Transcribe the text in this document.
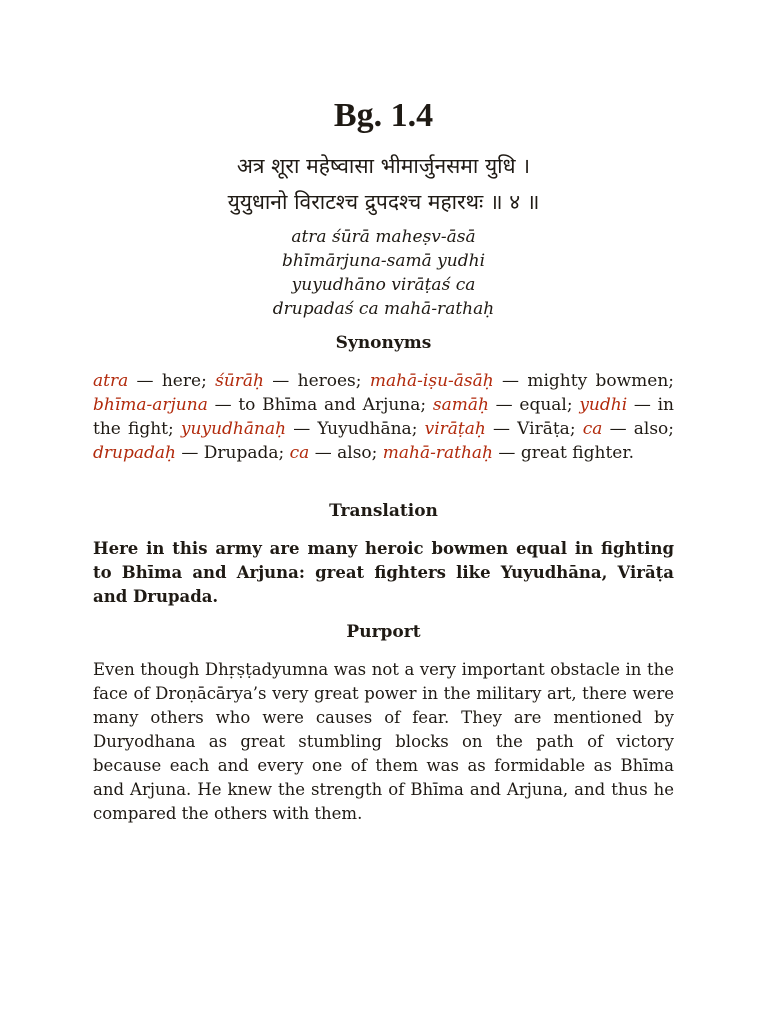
Bg. 1.4
अत्र शूरा महेष्वासा भीमार्जुनसमा युधि ।
युयुधानो विराटश्च द्रुपदश्च महारथः ॥ ४ ॥
atra śūrā maheṣv-āsā
bhīmārjuna-samā yudhi
yuyudhāno virāṭaś ca
drupadaś ca mahā-rathaḥ
Synonyms
atra — here; śūrāḥ — heroes; mahā-iṣu-āsāḥ — mighty bowmen; bhīma-arjuna — to Bhīma and Arjuna; samāḥ — equal; yudhi — in the fight; yuyudhānaḥ — Yuyudhāna; virāṭaḥ — Virāṭa; ca — also; drupadaḥ — Drupada; ca — also; mahā-rathaḥ — great fighter.
Translation
Here in this army are many heroic bowmen equal in fighting to Bhīma and Arjuna: great fighters like Yuyudhāna, Virāṭa and Drupada.
Purport
Even though Dhṛṣṭadyumna was not a very important obstacle in the face of Droṇācārya’s very great power in the military art, there were many others who were causes of fear. They are mentioned by Duryodhana as great stumbling blocks on the path of victory because each and every one of them was as formidable as Bhīma and Arjuna. He knew the strength of Bhīma and Arjuna, and thus he compared the others with them.
